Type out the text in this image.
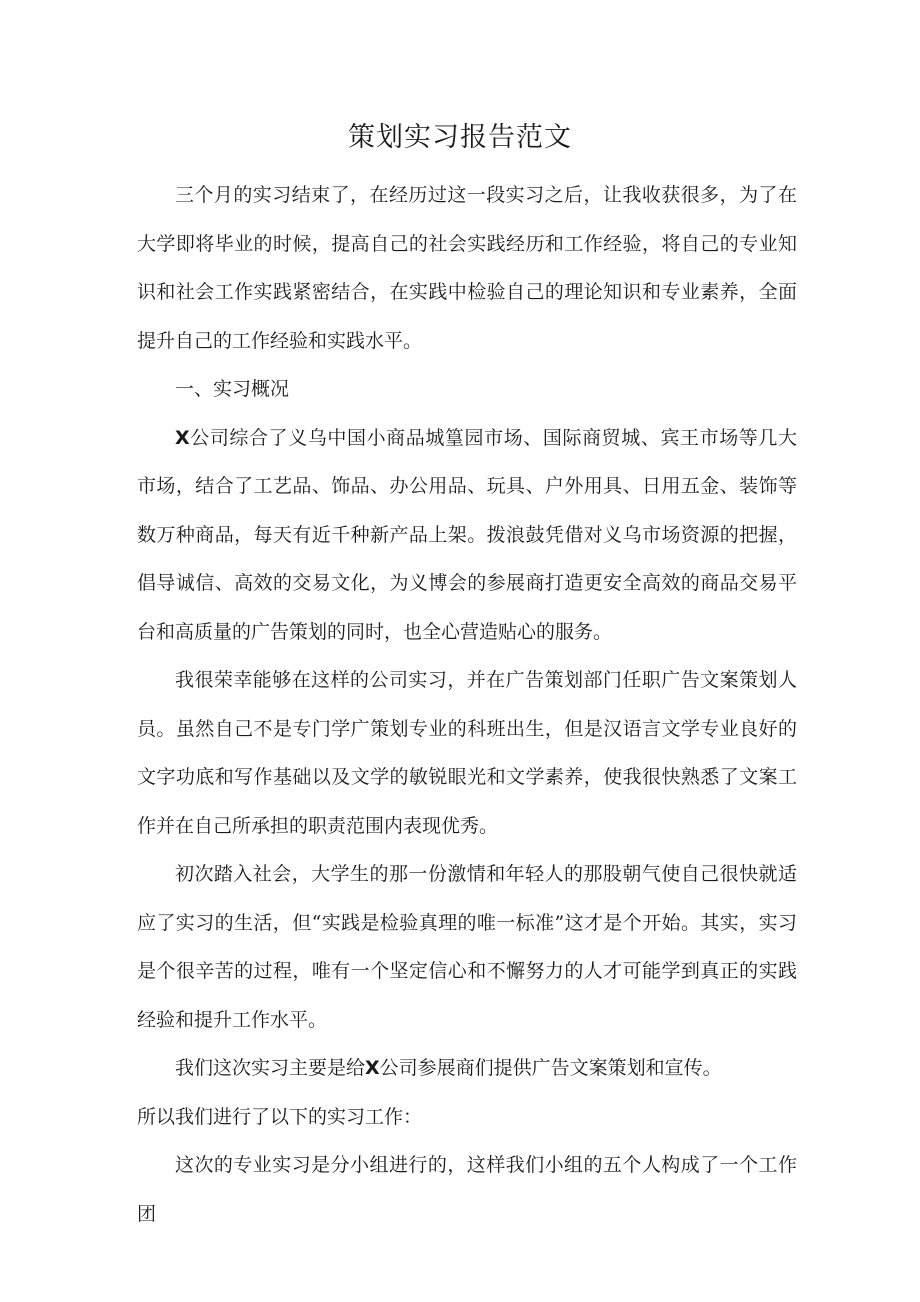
策划实习报告范文

三个月的实习结束了，在经历过这一段实习之后，让我收获很多，为了在大学即将毕业的时候，提高自己的社会实践经历和工作经验，将自己的专业知识和社会工作实践紧密结合，在实践中检验自己的理论知识和专业素养，全面提升自己的工作经验和实践水平。

一、实习概况

X公司综合了义乌中国小商品城篁园市场、国际商贸城、宾王市场等几大市场，结合了工艺品、饰品、办公用品、玩具、户外用具、日用五金、装饰等数万种商品，每天有近千种新产品上架。拨浪鼓凭借对义乌市场资源的把握，倡导诚信、高效的交易文化，为义博会的参展商打造更安全高效的商品交易平台和高质量的广告策划的同时，也全心营造贴心的服务。

我很荣幸能够在这样的公司实习，并在广告策划部门任职广告文案策划人员。虽然自己不是专门学广策划专业的科班出生，但是汉语言文学专业良好的文字功底和写作基础以及文学的敏锐眼光和文学素养，使我很快熟悉了文案工作并在自己所承担的职责范围内表现优秀。

初次踏入社会，大学生的那一份激情和年轻人的那股朝气使自己很快就适应了实习的生活，但“实践是检验真理的唯一标准”这才是个开始。其实，实习是个很辛苦的过程，唯有一个坚定信心和不懈努力的人才可能学到真正的实践经验和提升工作水平。

我们这次实习主要是给X公司参展商们提供广告文案策划和宣传。

所以我们进行了以下的实习工作：

这次的专业实习是分小组进行的，这样我们小组的五个人构成了一个工作团
